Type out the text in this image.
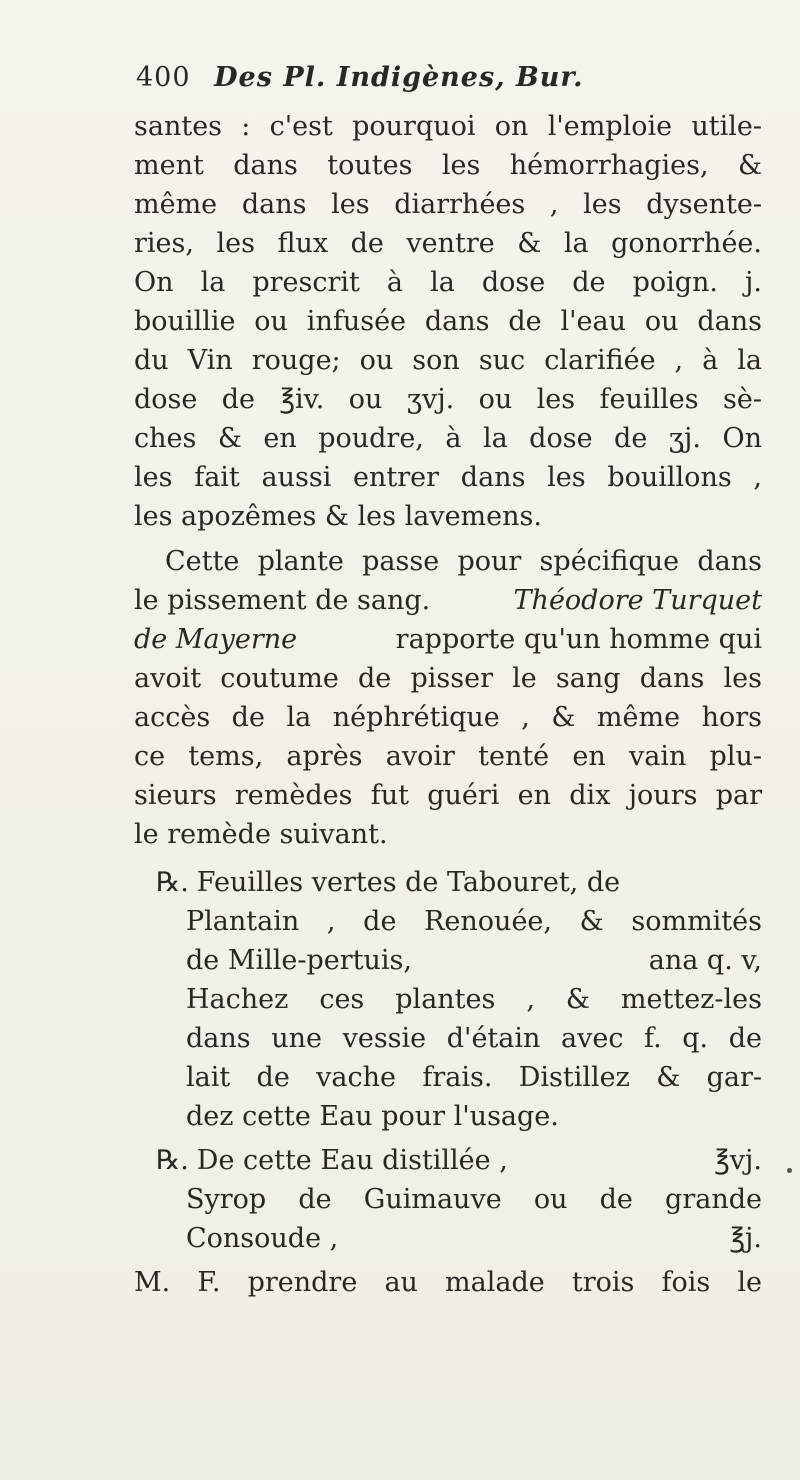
400 Des Pl. Indigènes, Bur.
santes : c'est pourquoi on l'emploie utile-
ment dans toutes les hémorrhagies, &
même dans les diarrhées , les dysente-
ries, les flux de ventre & la gonorrhée.
On la prescrit à la dose de poign. j.
bouillie ou infusée dans de l'eau ou dans
du Vin rouge; ou son suc clarifiée , à la
dose de ℥iv. ou ʒvj. ou les feuilles sè-
ches & en poudre, à la dose de ʒj. On
les fait aussi entrer dans les bouillons ,
les apozêmes & les lavemens.
Cette plante passe pour spécifique dans
le pissement de sang.	Théodore Turquet
de Mayerne	rapporte qu'un homme qui
avoit coutume de pisser le sang dans les
accès de la néphrétique , & même hors
ce tems, après avoir tenté en vain plu-
sieurs remèdes fut guéri en dix jours par
le remède suivant.
℞. Feuilles vertes de Tabouret, de
Plantain , de Renouée, & sommités
de Mille-pertuis,	ana q. v,
Hachez ces plantes , & mettez-les
dans une vessie d'étain avec f. q. de
lait de vache frais. Distillez & gar-
dez cette Eau pour l'usage.
℞. De cette Eau distillée ,	℥vj.
Syrop de Guimauve ou de grande
Consoude ,	℥j.
M. F. prendre au malade trois fois le
